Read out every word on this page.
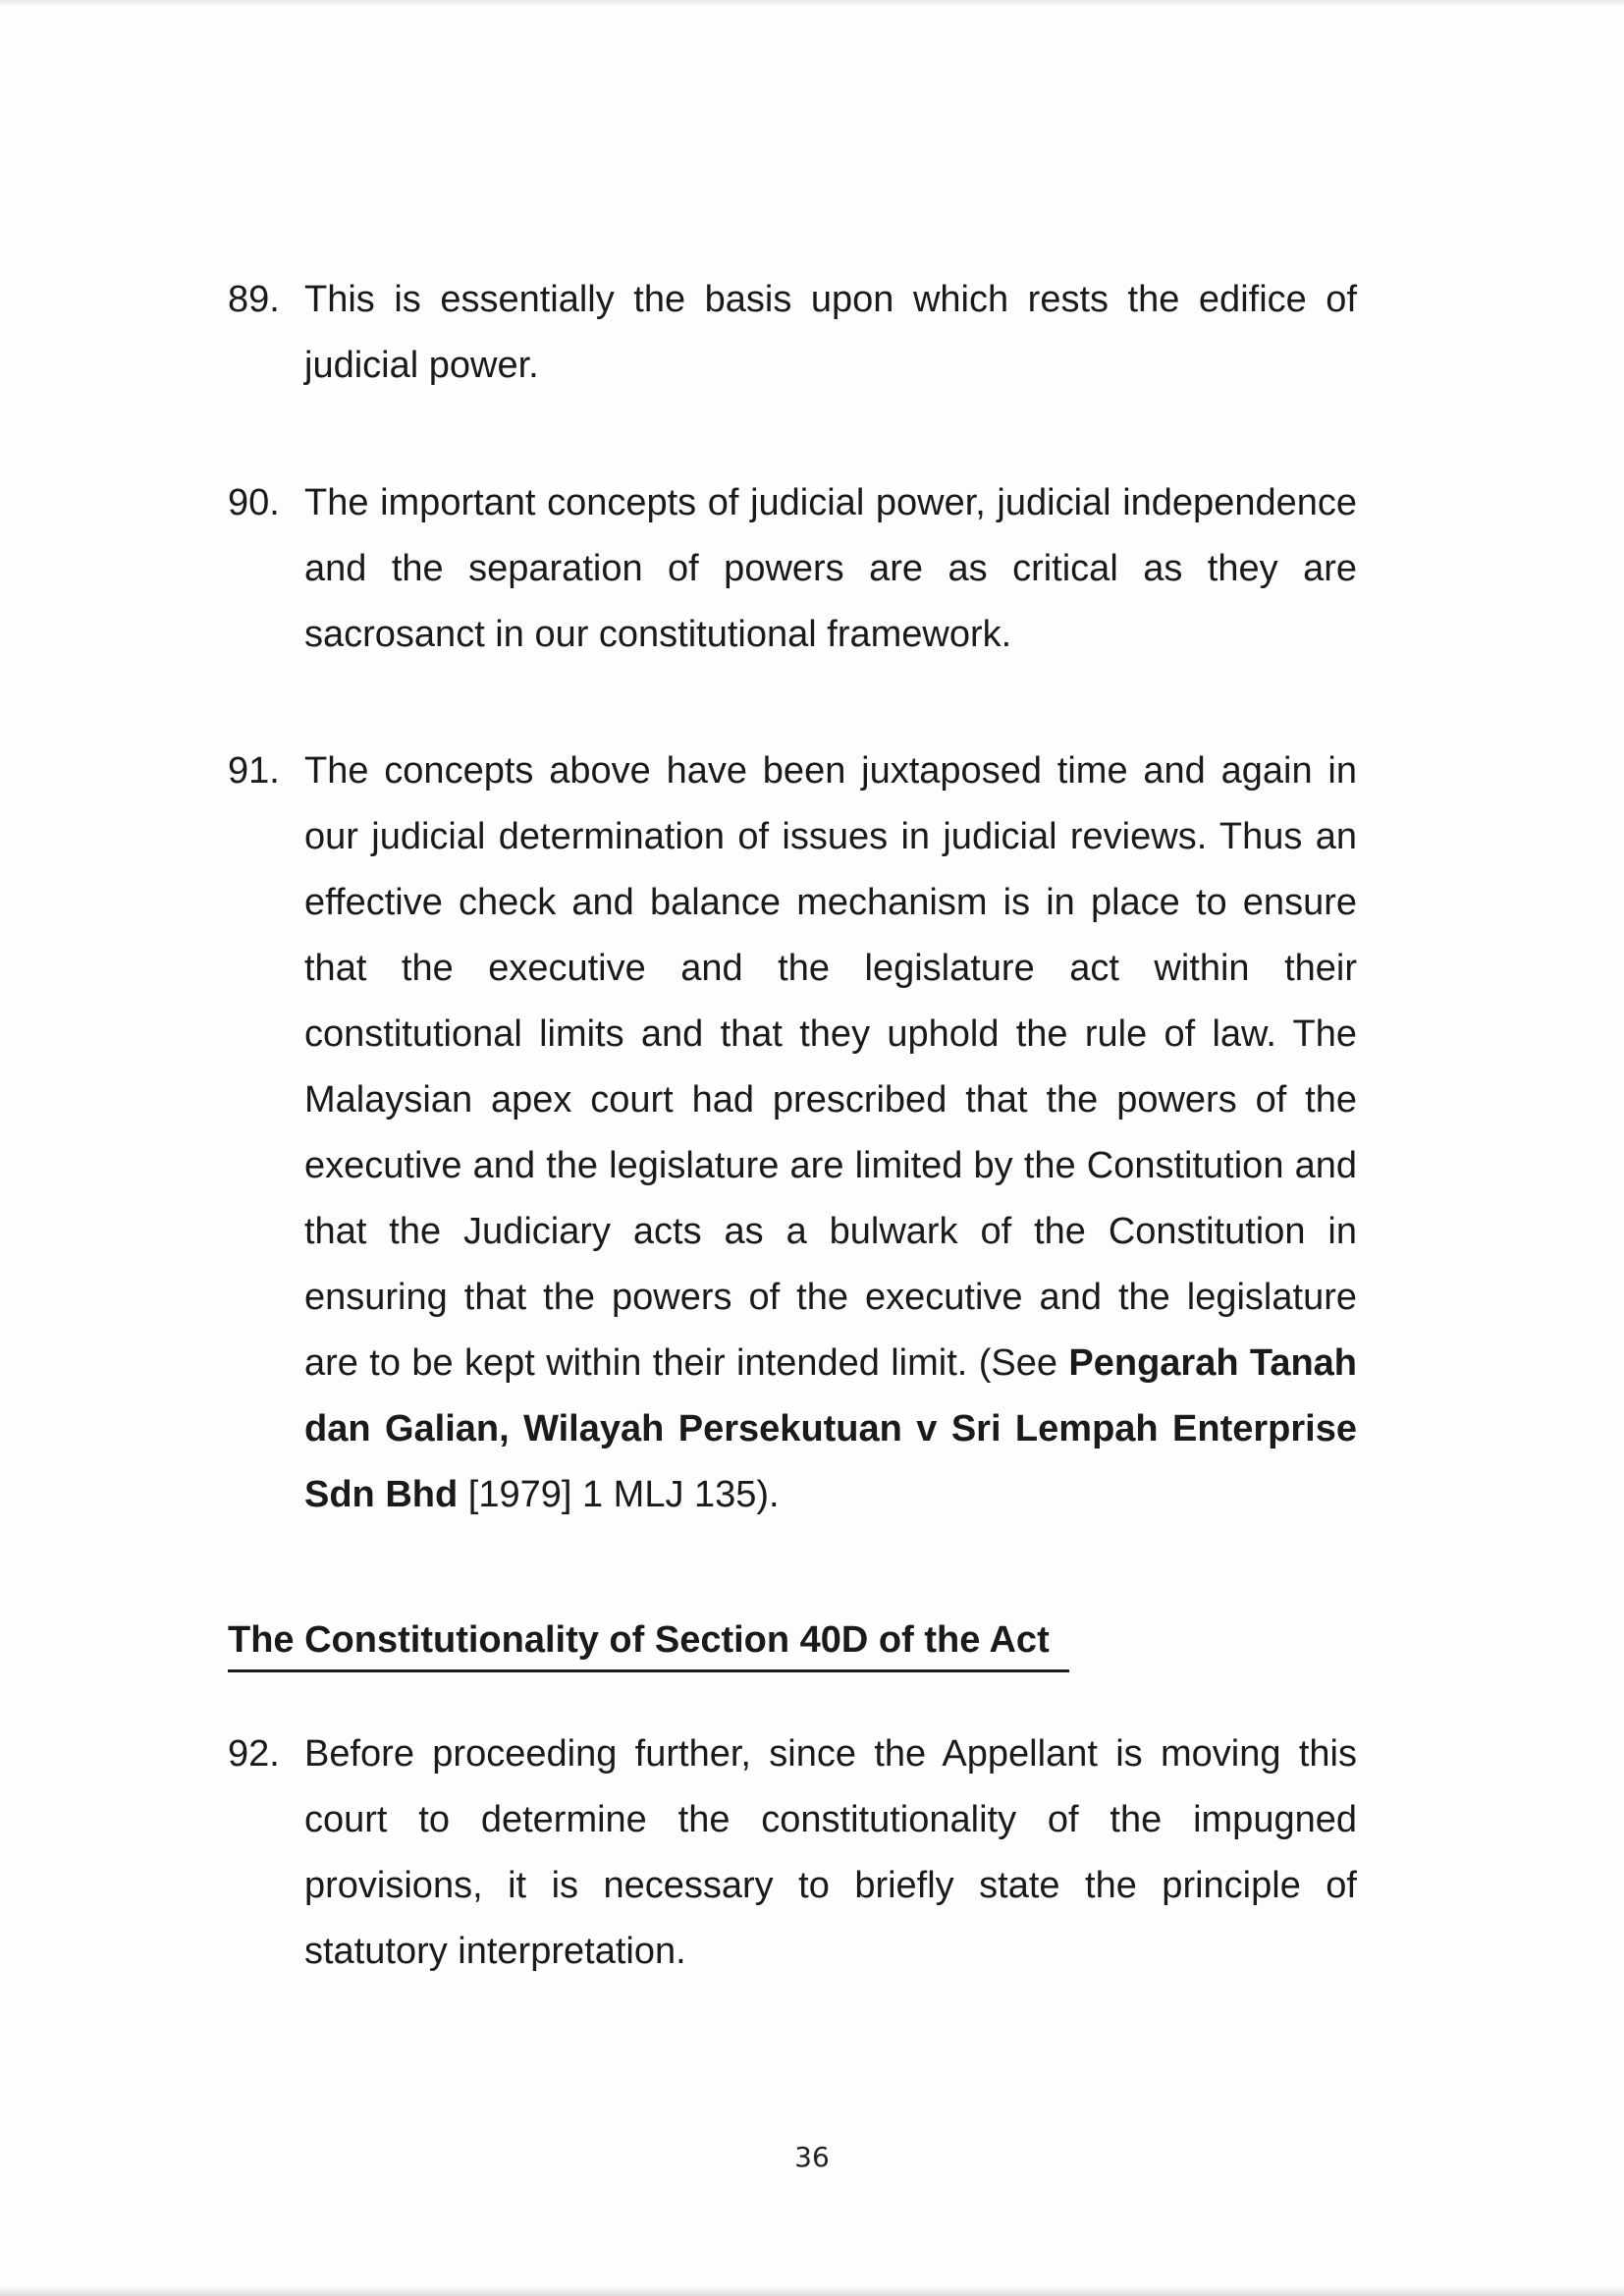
89. This is essentially the basis upon which rests the edifice of judicial power.
90. The important concepts of judicial power, judicial independence and the separation of powers are as critical as they are sacrosanct in our constitutional framework.
91. The concepts above have been juxtaposed time and again in our judicial determination of issues in judicial reviews. Thus an effective check and balance mechanism is in place to ensure that the executive and the legislature act within their constitutional limits and that they uphold the rule of law. The Malaysian apex court had prescribed that the powers of the executive and the legislature are limited by the Constitution and that the Judiciary acts as a bulwark of the Constitution in ensuring that the powers of the executive and the legislature are to be kept within their intended limit. (See Pengarah Tanah dan Galian, Wilayah Persekutuan v Sri Lempah Enterprise Sdn Bhd [1979] 1 MLJ 135).
The Constitutionality of Section 40D of the Act
92. Before proceeding further, since the Appellant is moving this court to determine the constitutionality of the impugned provisions, it is necessary to briefly state the principle of statutory interpretation.
36
